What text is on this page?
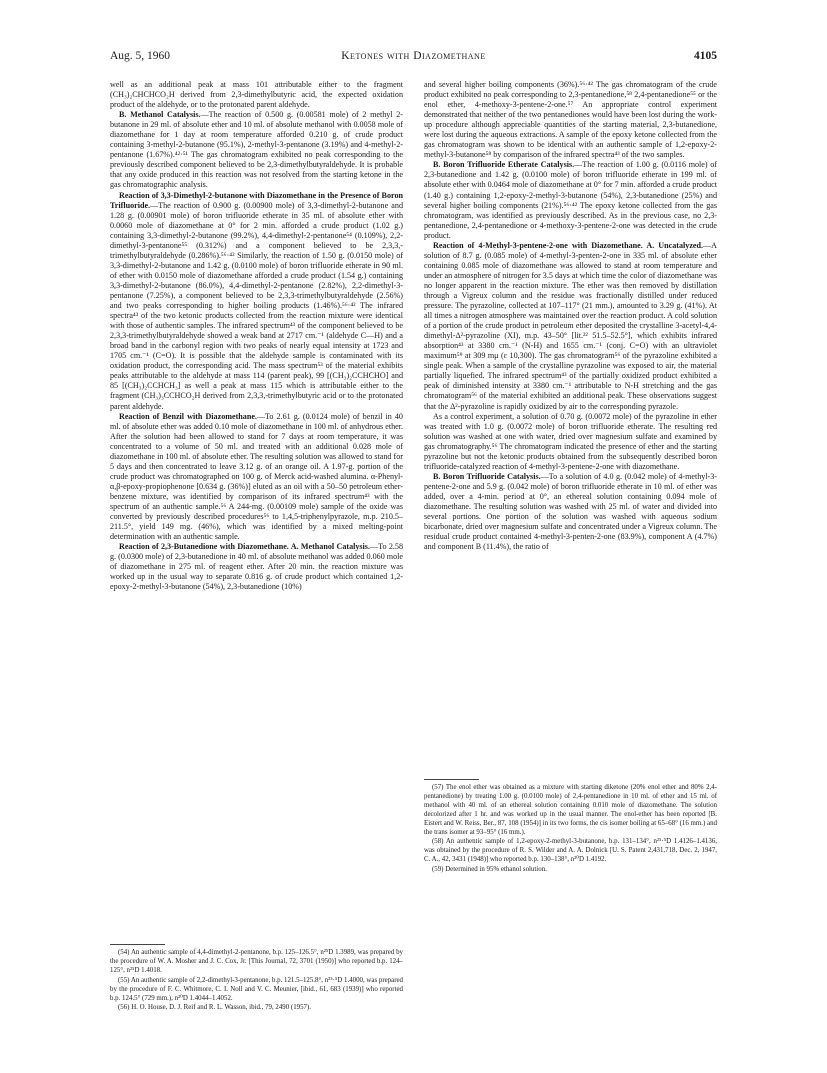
Aug. 5, 1960	Ketones with Diazomethane	4105

well as an additional peak at mass 101 attributable either to the fragment (CH₃)₂CHCHCO₂H derived from 2,3-dimethylbutyric acid, the expected oxidation product of the aldehyde, or to the protonated parent aldehyde.

B. Methanol Catalysis.—The reaction of 0.500 g. (0.00581 mole) of 2 methyl 2-butanone in 29 ml. of absolute ether and 10 ml. of absolute methanol with 0.0058 mole of diazomethane for 1 day at room temperature afforded 0.210 g. of crude product containing 3-methyl-2-butanone (95.1%), 2-methyl-3-pentanone (3.19%) and 4-methyl-2-pentanone (1.67%).⁴²·⁵¹ The gas chromatogram exhibited no peak corresponding to the previously described component believed to be 2,3-dimethylbutyraldehyde. It is probable that any oxide produced in this reaction was not resolved from the starting ketone in the gas chromatographic analysis.

Reaction of 3,3-Dimethyl-2-butanone with Diazomethane in the Presence of Boron Trifluoride.—The reaction of 0.900 g. (0.00900 mole) of 3,3-dimethyl-2-butanone and 1.28 g. (0.00901 mole) of boron trifluoride etherate in 35 ml. of absolute ether with 0.0060 mole of diazomethane at 0° for 2 min. afforded a crude product (1.02 g.) containing 3,3-dimethyl-2-butanone (99.2%), 4,4-dimethyl-2-pentanone⁵⁴ (0.109%), 2,2-dimethyl-3-pentanone⁵⁵ (0.312%) and a component believed to be 2,3,3,-trimethylbutyraldehyde (0.286%).⁵⁶·⁴² Similarly, the reaction of 1.50 g. (0.0150 mole) of 3,3-dimethyl-2-butanone and 1.42 g. (0.0100 mole) of boron trifluoride etherate in 90 ml. of ether with 0.0150 mole of diazomethane afforded a crude product (1.54 g.) containing 3,3-dimethyl-2-butanone (86.0%), 4,4-dimethyl-2-pentanone (2.82%), 2,2-dimethyl-3-pentanone (7.25%), a component believed to be 2,3,3-trimethylbutyraldehyde (2.56%) and two peaks corresponding to higher boiling products (1.46%).⁵⁶·⁴² The infrared spectra⁴³ of the two ketonic products collected from the reaction mixture were identical with those of authentic samples. The infrared spectrum⁴³ of the component believed to be 2,3,3-trimethylbutyraldehyde showed a weak band at 2717 cm.⁻¹ (aldehyde C—H) and a broad band in the carbonyl region with two peaks of nearly equal intensity at 1723 and 1705 cm.⁻¹ (C=O). It is possible that the aldehyde sample is contaminated with its oxidation product, the corresponding acid. The mass spectrum⁵³ of the material exhibits peaks attributable to the aldehyde at mass 114 (parent peak), 99 [(CH₃)₂CCHCHO] and 85 [(CH₃)₂CCHCH₃] as well a peak at mass 115 which is attributable either to the fragment (CH₃)₃CCHCO₂H derived from 2,3,3,-trimethylbutyric acid or to the protonated parent aldehyde.

Reaction of Benzil with Diazomethane.—To 2.61 g. (0.0124 mole) of benzil in 40 ml. of absolute ether was added 0.10 mole of diazomethane in 100 ml. of anhydrous ether. After the solution had been allowed to stand for 7 days at room temperature, it was concentrated to a volume of 50 ml. and treated with an additional 0.028 mole of diazomethane in 100 ml. of absolute ether. The resulting solution was allowed to stand for 5 days and then concentrated to leave 3.12 g. of an orange oil. A 1.97-g. portion of the crude product was chromatographed on 100 g. of Merck acid-washed alumina. α-Phenyl-α,β-epoxy-propiophenone [0.634 g. (36%)] eluted as an oil with a 50–50 petroleum ether-benzene mixture, was identified by comparison of its infrared spectrum⁴³ with the spectrum of an authentic sample.⁵⁶ A 244-mg. (0.00109 mole) sample of the oxide was converted by previously described procedures⁵⁶ to 1,4,5-triphenylpyrazole, m.p. 210.5–211.5°, yield 149 mg. (46%), which was identified by a mixed melting-point determination with an authentic sample.

Reaction of 2,3-Butanedione with Diazomethane. A. Methanol Catalysis.—To 2.58 g. (0.0300 mole) of 2,3-butanedione in 40 ml. of absolute methanol was added 0.060 mole of diazomethane in 275 ml. of reagent ether. After 20 min. the reaction mixture was worked up in the usual way to separate 0.816 g. of crude product which contained 1,2-epoxy-2-methyl-3-butanone (54%), 2,3-butanedione (10%)

and several higher boiling components (36%).⁵⁶·⁴² The gas chromatogram of the crude product exhibited no peak corresponding to 2,3-pentanedione,⁵⁸ 2,4-pentanedione⁵⁵ or the enol ether, 4-methoxy-3-pentene-2-one.⁵⁷ An appropriate control experiment demonstrated that neither of the two pentanediones would have been lost during the work-up procedure although appreciable quantities of the starting material, 2,3-butanedione, were lost during the aqueous extractions. A sample of the epoxy ketone collected from the gas chromatogram was shown to be identical with an authentic sample of 1,2-epoxy-2-methyl-3-butanone⁵⁸ by comparison of the infrared spectra⁴³ of the two samples.

B. Boron Trifluoride Etherate Catalysis.—The reaction of 1.00 g. (0.0116 mole) of 2,3-butanedione and 1.42 g. (0.0100 mole) of boron trifluoride etherate in 199 ml. of absolute ether with 0.0464 mole of diazomethane at 0° for 7 min. afforded a crude product (1.40 g.) containing 1,2-epoxy-2-methyl-3-butanone (54%), 2,3-butanedione (25%) and several higher boiling components (21%).⁵⁶·⁴² The epoxy ketone collected from the gas chromatogram, was identified as previously described. As in the previous case, no 2,3-pentanedione, 2,4-pentanedione or 4-methoxy-3-pentene-2-one was detected in the crude product.

Reaction of 4-Methyl-3-pentene-2-one with Diazomethane. A. Uncatalyzed.—A solution of 8.7 g. (0.085 mole) of 4-methyl-3-penten-2-one in 335 ml. of absolute ether containing 0.085 mole of diazomethane was allowed to stand at room temperature and under an atmosphere of nitrogen for 3.5 days at which time the color of diazomethane was no longer apparent in the reaction mixture. The ether was then removed by distillation through a Vigreux column and the residue was fractionally distilled under reduced pressure. The pyrazoline, collected at 107–117° (21 mm.), amounted to 3.29 g. (41%). At all times a nitrogen atmosphere was maintained over the reaction product. A cold solution of a portion of the crude product in petroleum ether deposited the crystalline 3-acetyl-4,4-dimethyl-Δ²-pyrazoline (XI), m.p. 43–50° [lit.²² 51.5–52.5°], which exhibits infrared absorption⁴³ at 3380 cm.⁻¹ (N-H) and 1655 cm.⁻¹ (conj. C=O) with an ultraviolet maximum⁵⁹ at 309 mμ (ε 10,300). The gas chromatogram⁵⁶ of the pyrazoline exhibited a single peak. When a sample of the crystalline pyrazoline was exposed to air, the material partially liquefied. The infrared spectrum⁴³ of the partially oxidized product exhibited a peak of diminished intensity at 3380 cm.⁻¹ attributable to N-H stretching and the gas chromatogram⁵⁶ of the material exhibited an additional peak. These observations suggest that the Δ²-pyrazoline is rapidly oxidized by air to the corresponding pyrazole.

As a control experiment, a solution of 0.70 g. (0.0072 mole) of the pyrazoline in ether was treated with 1.0 g. (0.0072 mole) of boron trifluoride etherate. The resulting red solution was washed at one with water, dried over magnesium sulfate and examined by gas chromatography.⁵⁶ The chromatogram indicated the presence of ether and the starting pyrazoline but not the ketonic products obtained from the subsequently described boron trifluoride-catalyzed reaction of 4-methyl-3-pentene-2-one with diazomethane.

B. Boron Trifluoride Catalysis.—To a solution of 4.0 g. (0.042 mole) of 4-methyl-3-pentene-2-one and 5.9 g. (0.042 mole) of boron trifluoride etherate in 10 ml. of ether was added, over a 4-min. period at 0°, an ethereal solution containing 0.094 mole of diazomethane. The resulting solution was washed with 25 ml. of water and divided into several portions. One portion of the solution was washed with aqueous sodium bicarbonate, dried over magnesium sulfate and concentrated under a Vigreux column. The residual crude product contained 4-methyl-3-penten-2-one (83.9%), component A (4.7%) and component B (11.4%), the ratio of

(54) An authentic sample of 4,4-dimethyl-2-pentanone, b.p. 125–126.5°, n²⁵D 1.3989, was prepared by the procedure of W. A. Mosher and J. C. Cox, Jr. [This Journal, 72, 3701 (1950)] who reported b.p. 124–125°, n²⁵D 1.4018.

(55) An authentic sample of 2,2-dimethyl-3-pentanone, b.p. 121.5–125.8°, n²⁵·⁵D 1.4000, was prepared by the procedure of F. C. Whitmore, C. I. Noll and V. C. Meunier, [ibid., 61, 683 (1939)] who reported b.p. 124.5° (729 mm.), n²⁰D 1.4044–1.4052.

(56) H. O. House, D. J. Reif and R. L. Wasson, ibid., 79, 2490 (1957).

(57) The enol ether was obtained as a mixture with starting diketone (20% enol ether and 80% 2,4-pentanedione) by treating 1.00 g. (0.0100 mole) of 2,4-pentanedione in 10 ml. of ether and 15 ml. of methanol with 40 ml. of an ethereal solution containing 0.010 mole of diazomethane. The solution decolorized after 1 hr. and was worked up in the usual manner. The enol-ether has been reported [B. Eistert and W. Reiss, Ber., 87, 108 (1954)] in its two forms, the cis isomer boiling at 65–68° (16 mm.) and the trans isomer at 93–95° (16 mm.).

(58) An authentic sample of 1,2-epoxy-2-methyl-3-butanone, b.p. 131–134°, n²⁵·⁵D 1.4126–1.4136, was obtained by the procedure of R. S. Wilder and A. A. Dolnick [U. S. Patent 2,431,718, Dec. 2, 1947, C. A., 42, 3431 (1948)] who reported b.p. 130–138°, n²⁰D 1.4192.

(59) Determined in 95% ethanol solution.
